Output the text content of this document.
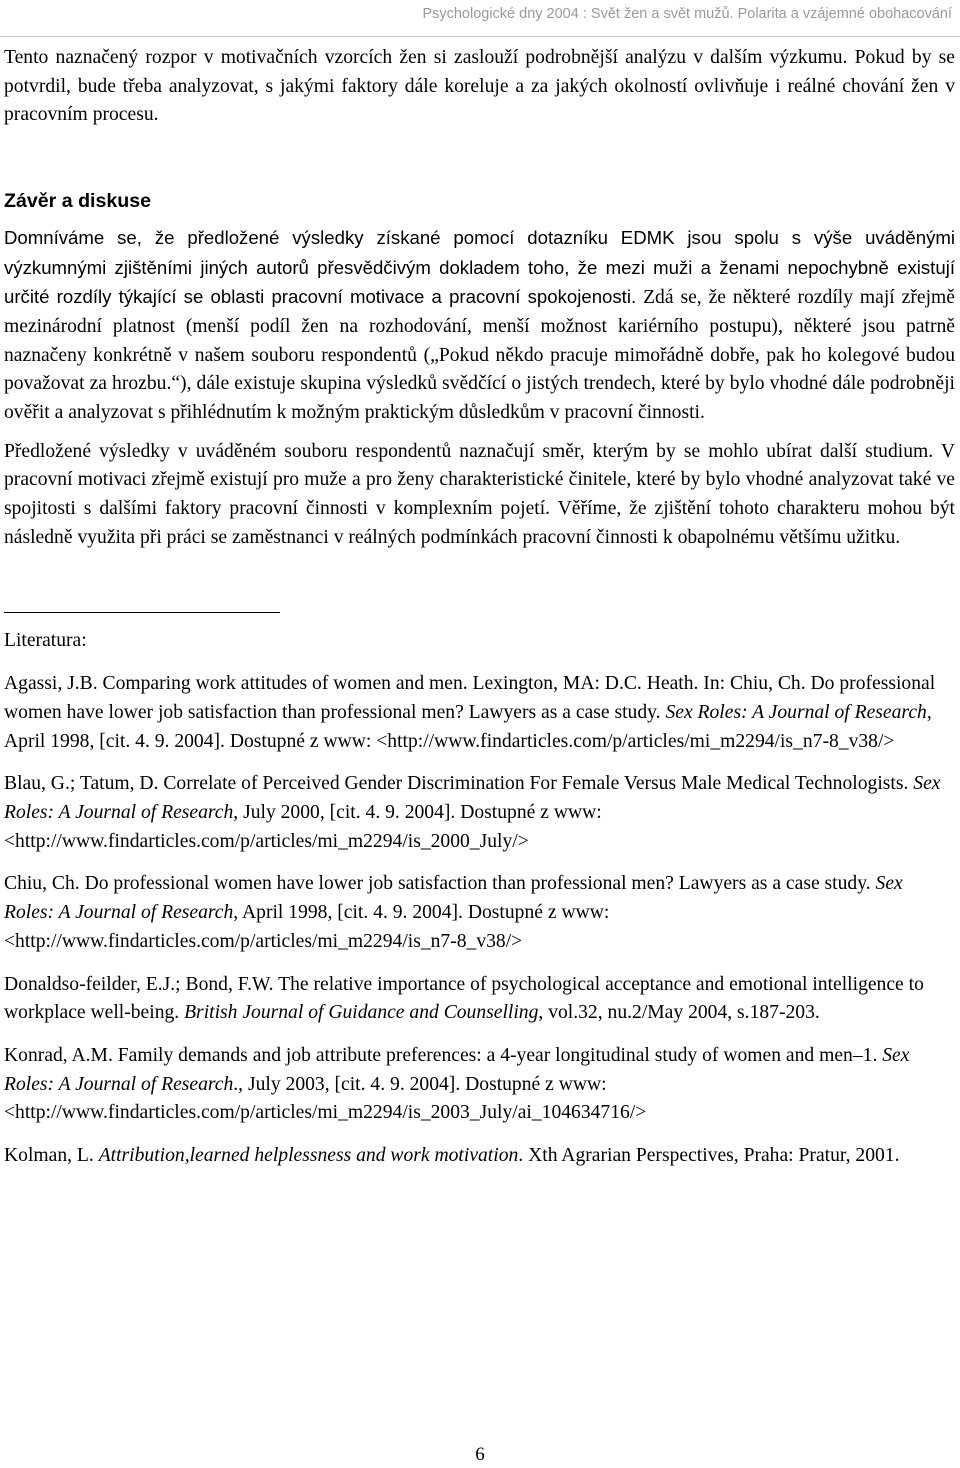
Psychologické dny 2004 : Svět žen a svět mužů. Polarita a vzájemné obohacování

Tento naznačený rozpor v motivačních vzorcích žen si zaslouží podrobnější analýzu v dalším výzkumu. Pokud by se potvrdil, bude třeba analyzovat, s jakými faktory dále koreluje a za jakých okolností ovlivňuje i reálné chování žen v pracovním procesu.

Závěr a diskuse

Domníváme se, že předložené výsledky získané pomocí dotazníku EDMK jsou spolu s výše uváděnými výzkumnými zjištěními jiných autorů přesvědčivým dokladem toho, že mezi muži a ženami nepochybně existují určité rozdíly týkající se oblasti pracovní motivace a pracovní spokojenosti. Zdá se, že některé rozdíly mají zřejmě mezinárodní platnost (menší podíl žen na rozhodování, menší možnost kariérního postupu), některé jsou patrně naznačeny konkrétně v našem souboru respondentů („Pokud někdo pracuje mimořádně dobře, pak ho kolegové budou považovat za hrozbu.“), dále existuje skupina výsledků svědčící o jistých trendech, které by bylo vhodné dále podrobněji ověřit a analyzovat s přihlédnutím k možným praktickým důsledkům v pracovní činnosti.

Předložené výsledky v uváděném souboru respondentů naznačují směr, kterým by se mohlo ubírat další studium. V pracovní motivaci zřejmě existují pro muže a pro ženy charakteristické činitele, které by bylo vhodné analyzovat také ve spojitosti s dalšími faktory pracovní činnosti v komplexním pojetí. Věříme, že zjištění tohoto charakteru mohou být následně využita při práci se zaměstnanci v reálných podmínkách pracovní činnosti k obapolnému většímu užitku.

Literatura:

Agassi, J.B. Comparing work attitudes of women and men. Lexington, MA: D.C. Heath. In: Chiu, Ch. Do professional women have lower job satisfaction than professional men? Lawyers as a case study. Sex Roles: A Journal of Research, April 1998, [cit. 4. 9. 2004]. Dostupné z www: <http://www.findarticles.com/p/articles/mi_m2294/is_n7-8_v38/>

Blau, G.; Tatum, D. Correlate of Perceived Gender Discrimination For Female Versus Male Medical Technologists. Sex Roles: A Journal of Research, July 2000, [cit. 4. 9. 2004]. Dostupné z www: <http://www.findarticles.com/p/articles/mi_m2294/is_2000_July/>

Chiu, Ch. Do professional women have lower job satisfaction than professional men? Lawyers as a case study. Sex Roles: A Journal of Research, April 1998, [cit. 4. 9. 2004]. Dostupné z www: <http://www.findarticles.com/p/articles/mi_m2294/is_n7-8_v38/>

Donaldso-feilder, E.J.; Bond, F.W. The relative importance of psychological acceptance and emotional intelligence to workplace well-being. British Journal of Guidance and Counselling, vol.32, nu.2/May 2004, s.187-203.

Konrad, A.M. Family demands and job attribute preferences: a 4-year longitudinal study of women and men–1. Sex Roles: A Journal of Research., July 2003, [cit. 4. 9. 2004]. Dostupné z www: <http://www.findarticles.com/p/articles/mi_m2294/is_2003_July/ai_104634716/>

Kolman, L. Attribution,learned helplessness and work motivation. Xth Agrarian Perspectives, Praha: Pratur, 2001.

6
